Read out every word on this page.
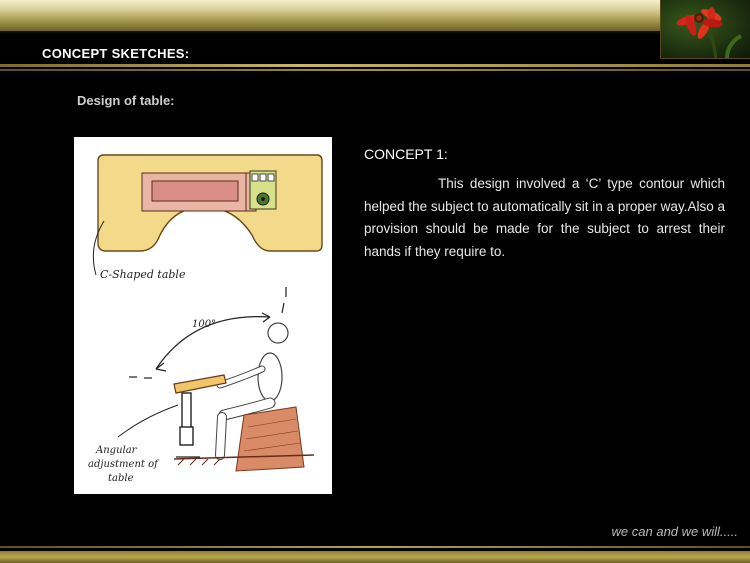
CONCEPT SKETCHES:
Design of table:
C-Shaped table
100°
Angular
adjustment of
table
CONCEPT 1:

This design involved a ‘C’ type contour which helped the subject to automatically sit in a proper way.Also a provision should be made for the subject to arrest their hands if they require to.

we can and we will.....
